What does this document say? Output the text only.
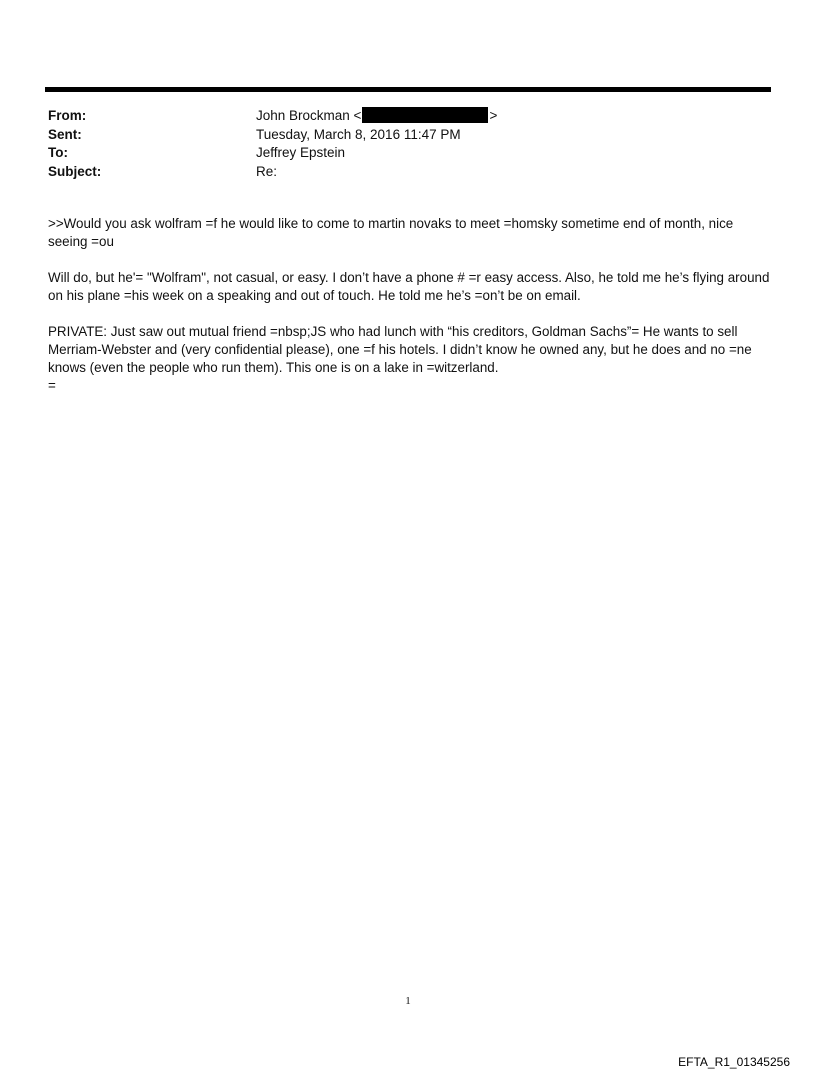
From:	John Brockman <	>
Sent:	Tuesday, March 8, 2016 11:47 PM
To:	Jeffrey Epstein
Subject:	Re:

>>Would you ask wolfram =f he would like to come to martin novaks to meet =homsky sometime end of month, nice seeing =ou

Will do, but he'= "Wolfram", not casual, or easy. I don’t have a phone # =r easy access. Also, he told me he’s flying around on his plane =his week on a speaking and out of touch. He told me he’s =on’t be on email.

PRIVATE: Just saw out mutual friend =nbsp;JS who had lunch with “his creditors, Goldman Sachs”= He wants to sell Merriam-Webster and (very confidential please), one =f his hotels. I didn’t know he owned any, but he does and no =ne knows (even the people who run them). This one is on a lake in =witzerland.

=

1
EFTA_R1_01345256
